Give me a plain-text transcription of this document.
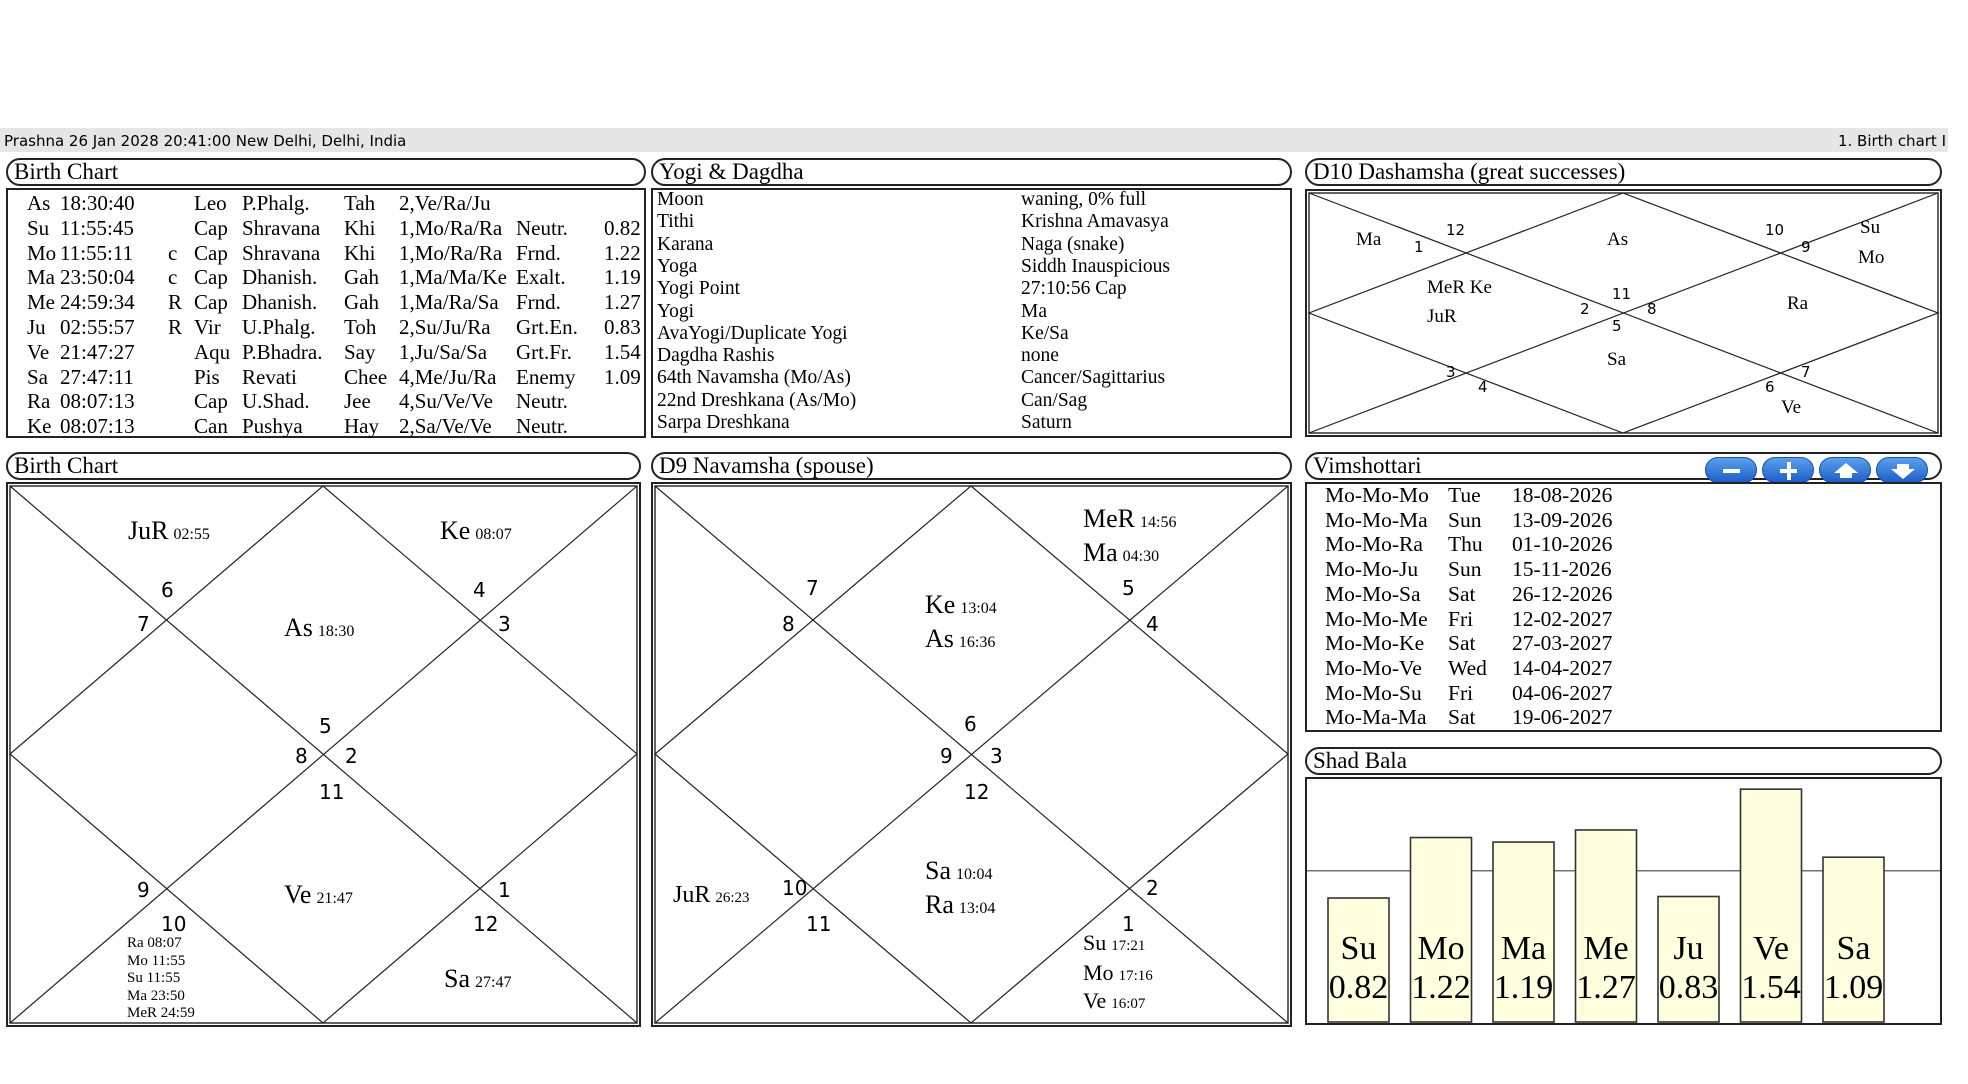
Prashna 26 Jan 2028 20:41:00 New Delhi, Delhi, India	1. Birth chart I
Birth Chart
As 18:30:40	Leo P.Phalg. Tah 2,Ve/Ra/Ju
Su 11:55:45	Cap Shravana Khi 1,Mo/Ra/Ra Neutr. 0.82
Mo 11:55:11 c Cap Shravana Khi 1,Mo/Ra/Ra Frnd. 1.22
Ma 23:50:04 c Cap Dhanish. Gah 1,Ma/Ma/Ke Exalt. 1.19
Me 24:59:34 R Cap Dhanish. Gah 1,Ma/Ra/Sa Frnd. 1.27
Ju 02:55:57 R Vir U.Phalg. Toh 2,Su/Ju/Ra Grt.En. 0.83
Ve 21:47:27	Aqu P.Bhadra. Say 1,Ju/Sa/Sa Grt.Fr. 1.54
Sa 27:47:11	Pis Revati Chee 4,Me/Ju/Ra Enemy 1.09
Ra 08:07:13	Cap U.Shad. Jee 4,Su/Ve/Ve Neutr.
Ke 08:07:13	Can Pushya Hay 2,Sa/Ve/Ve Neutr.
Yogi & Dagdha
Moon	waning, 0% full
Tithi	Krishna Amavasya
Karana	Naga (snake)
Yoga	Siddh Inauspicious
Yogi Point	27:10:56 Cap
Yogi	Ma
AvaYogi/Duplicate Yogi	Ke/Sa
Dagdha Rashis	none
64th Navamsha (Mo/As)	Cancer/Sagittarius
22nd Dreshkana (As/Mo)	Can/Sag
Sarpa Dreshkana	Saturn
D10 Dashamsha (great successes)
12
1
10
9
11
2	8
5
3
4	6
7
Ma	As
Su
Mo
MeR Ke
JuR
Ra
Sa
Ve
Birth Chart
6
7
4
3
5
8 2
11
9
10
1
12
JuR 02:55	Ke 08:07
As 18:30
Ve 21:47
Sa 27:47
Ra 08:07
Mo 11:55
Su 11:55
Ma 23:50
MeR 24:59
D9 Navamsha (spouse)
7
8
5
4
6
9 3
12
10
11
2
1
MeR 14:56
Ma 04:30
Ke 13:04
As 16:36
JuR 26:23
Sa 10:04
Ra 13:04
Su 17:21
Mo 17:16
Ve 16:07
Vimshottari
Mo-Mo-Mo Tue 18-08-2026
Mo-Mo-Ma Sun 13-09-2026
Mo-Mo-Ra Thu 01-10-2026
Mo-Mo-Ju Sun 15-11-2026
Mo-Mo-Sa Sat 26-12-2026
Mo-Mo-Me Fri 12-02-2027
Mo-Mo-Ke Sat 27-03-2027
Mo-Mo-Ve Wed 14-04-2027
Mo-Mo-Su Fri 04-06-2027
Mo-Ma-Ma Sat 19-06-2027
Shad Bala
Su
0.82
Mo
1.22
Ma
1.19
Me
1.27
Ju
0.83
Ve
1.54
Sa
1.09
